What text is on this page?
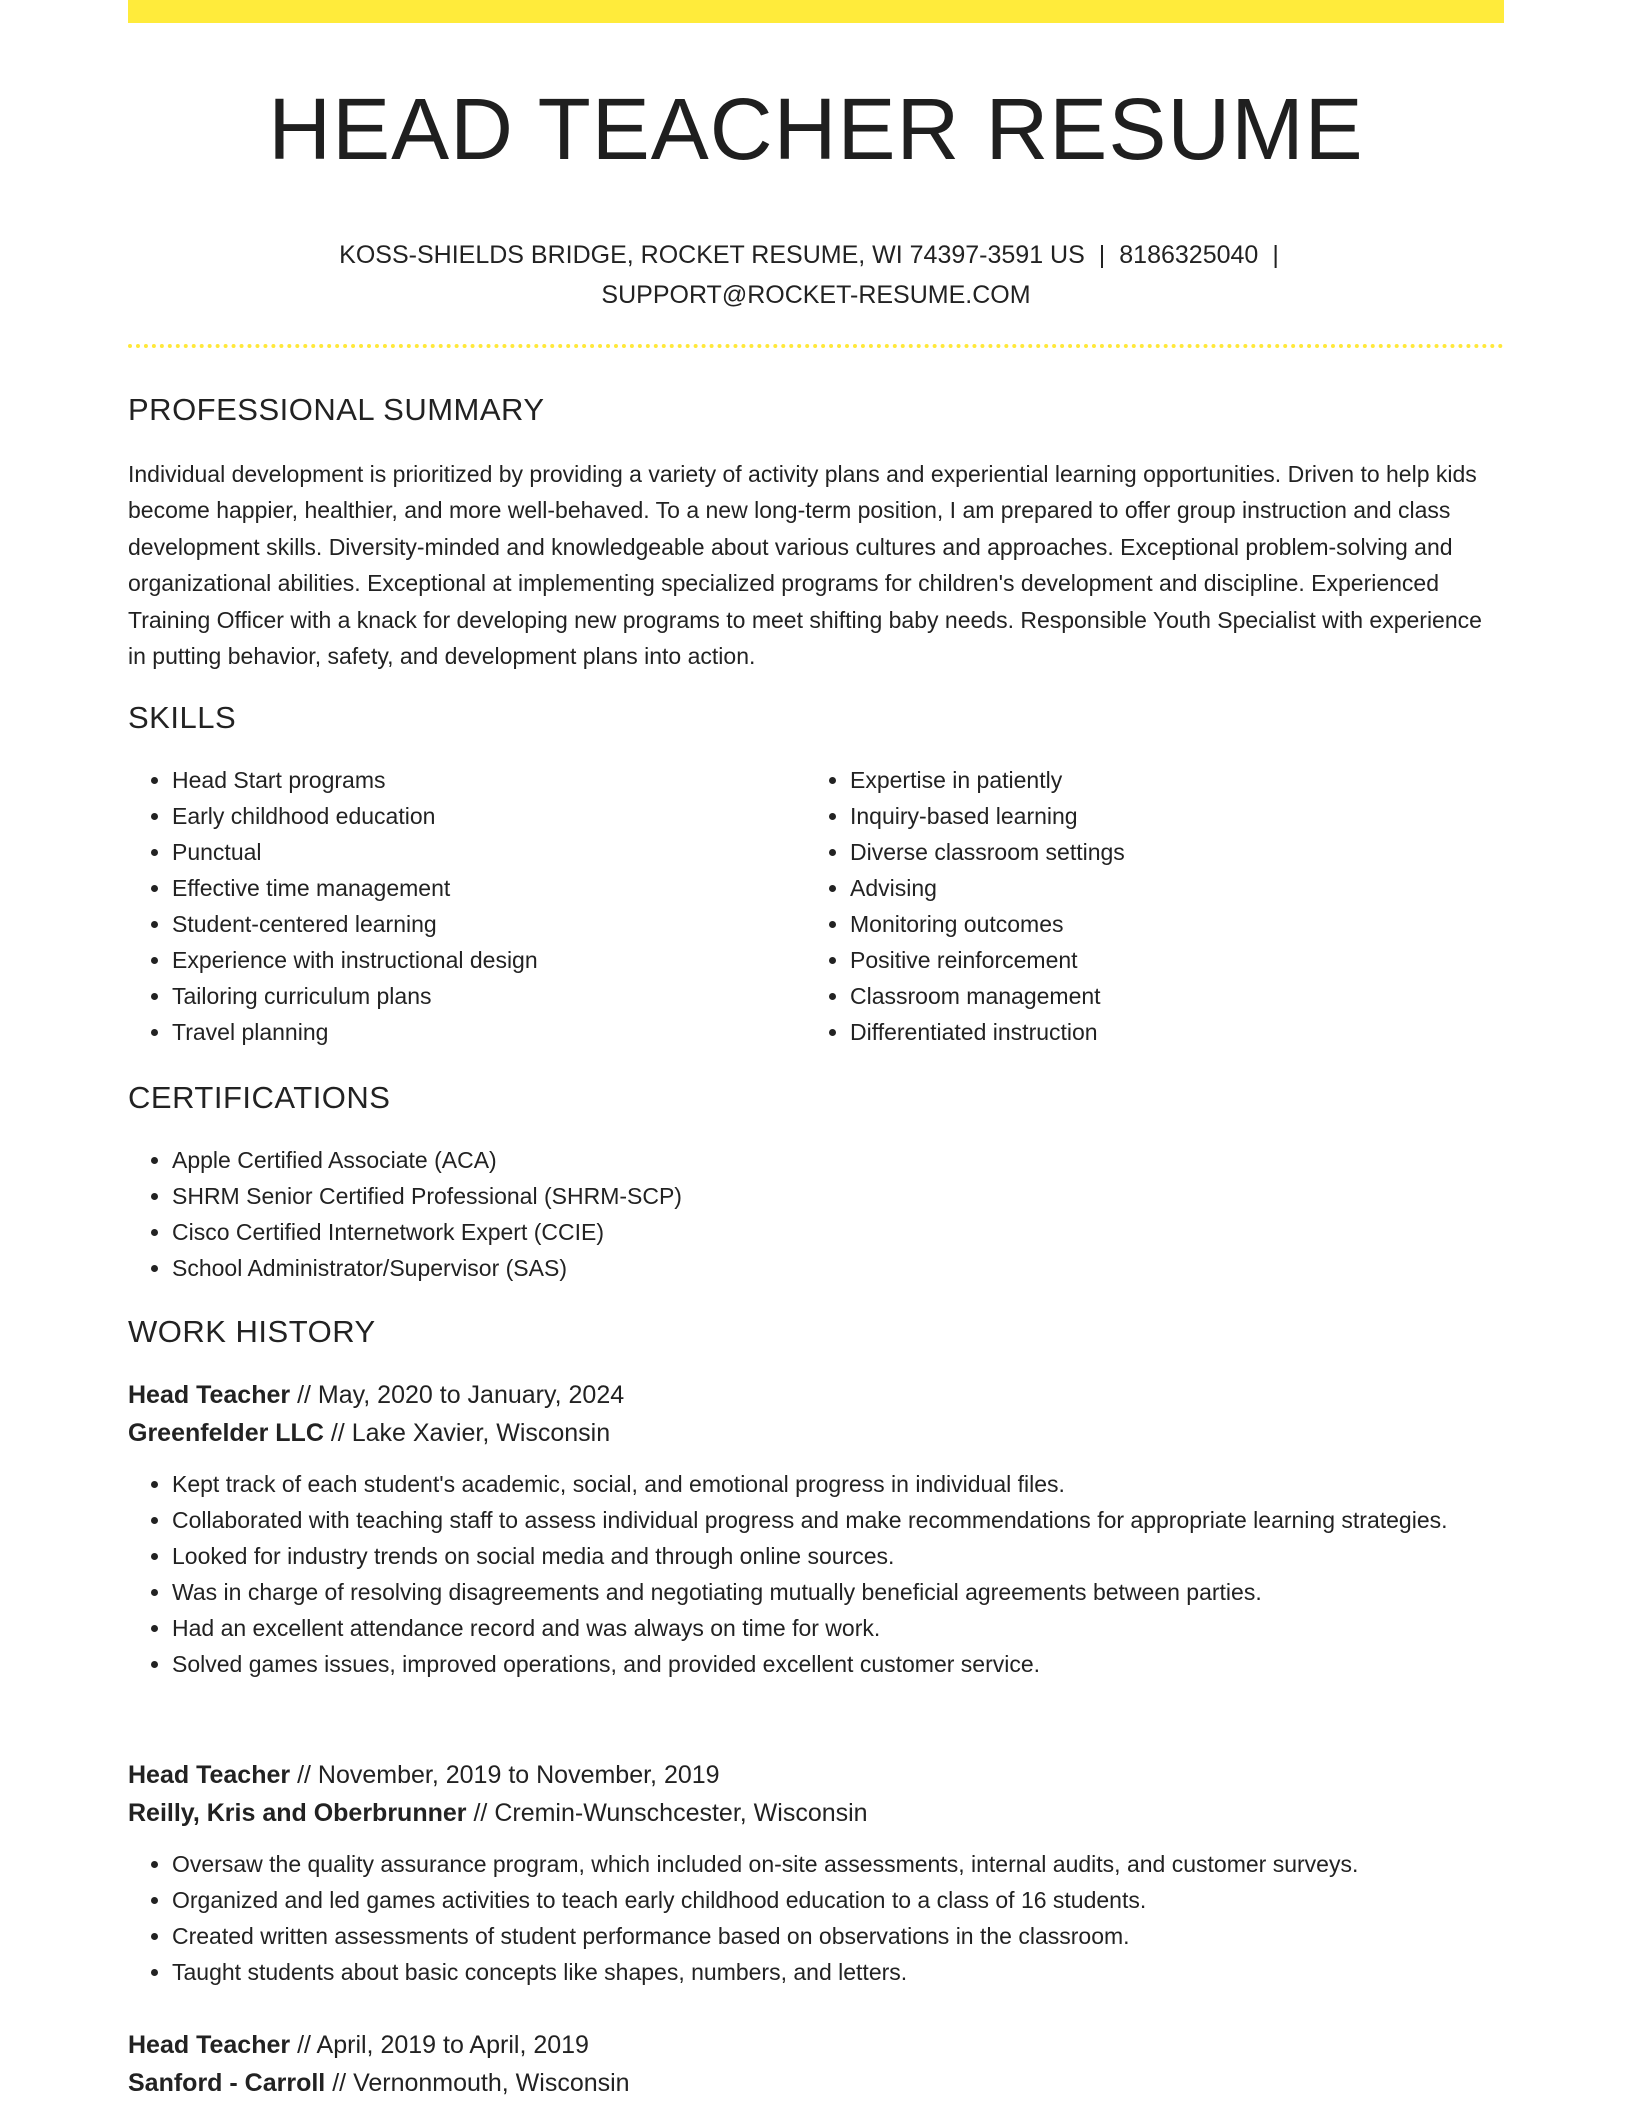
HEAD TEACHER RESUME
KOSS-SHIELDS BRIDGE, ROCKET RESUME, WI 74397-3591 US | 8186325040 |
SUPPORT@ROCKET-RESUME.COM
PROFESSIONAL SUMMARY

Individual development is prioritized by providing a variety of activity plans and experiential learning opportunities. Driven to help kids become happier, healthier, and more well-behaved. To a new long-term position, I am prepared to offer group instruction and class development skills. Diversity-minded and knowledgeable about various cultures and approaches. Exceptional problem-solving and organizational abilities. Exceptional at implementing specialized programs for children's development and discipline. Experienced Training Officer with a knack for developing new programs to meet shifting baby needs. Responsible Youth Specialist with experience in putting behavior, safety, and development plans into action.

SKILLS
• Head Start programs
• Early childhood education
• Punctual
• Effective time management
• Student-centered learning
• Experience with instructional design
• Tailoring curriculum plans
• Travel planning
• Expertise in patiently
• Inquiry-based learning
• Diverse classroom settings
• Advising
• Monitoring outcomes
• Positive reinforcement
• Classroom management
• Differentiated instruction
CERTIFICATIONS
• Apple Certified Associate (ACA)
• SHRM Senior Certified Professional (SHRM-SCP)
• Cisco Certified Internetwork Expert (CCIE)
• School Administrator/Supervisor (SAS)
WORK HISTORY

Head Teacher // May, 2020 to January, 2024

Greenfelder LLC // Lake Xavier, Wisconsin

• Kept track of each student's academic, social, and emotional progress in individual files.
• Collaborated with teaching staff to assess individual progress and make recommendations for appropriate learning strategies.
• Looked for industry trends on social media and through online sources.
• Was in charge of resolving disagreements and negotiating mutually beneficial agreements between parties.
• Had an excellent attendance record and was always on time for work.
• Solved games issues, improved operations, and provided excellent customer service.

Head Teacher // November, 2019 to November, 2019

Reilly, Kris and Oberbrunner // Cremin-Wunschcester, Wisconsin

• Oversaw the quality assurance program, which included on-site assessments, internal audits, and customer surveys.
• Organized and led games activities to teach early childhood education to a class of 16 students.
• Created written assessments of student performance based on observations in the classroom.
• Taught students about basic concepts like shapes, numbers, and letters.

Head Teacher // April, 2019 to April, 2019

Sanford - Carroll // Vernonmouth, Wisconsin
